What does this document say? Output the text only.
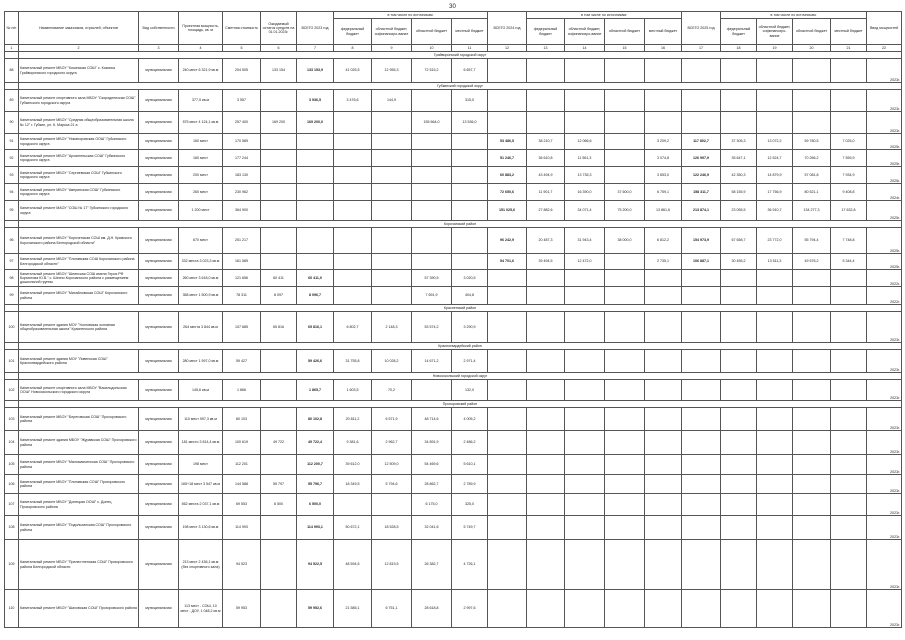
30
№ п/п	Наименование заказчиков, отраслей, объектов	Вид собственности	Проектная мощность, площадь, кв. м	Сметная стоимость	Ожидаемый остаток средств на 01.01.2023г.	ВСЕГО 2023 год	в том числе по источникам:				ВСЕГО 2024 год	в том числе по источникам:				ВСЕГО 2025 год	в том числе по источникам:				Ввод мощностей
							федеральный бюджет	областной бюджет, софинансиро-вание	областной бюджет	местный бюджет		федеральный бюджет	областной бюджет, софинансиро-вание	областной бюджет	местный бюджет		федеральный бюджет	областной бюджет, софинансиро-вание	областной бюджет	местный бюджет	
1	2	3	4	5	6	7	8	9	10	11	12	13	14	15	16	17	18	19	20	21	22
	Грайворонский городской округ																				
88	Капитальный ремонт МБОУ "Козинская СОШ" с. Козинка Грайворонского городского округа	муниципальная	240 мест 6 321,9 кв.м	204 505	133 154	133 153,9	41 025,5	12 955,3	72 515,2	6 657,7											2023г.
	Губкинский городской округ																				
89	Капитальный ремонт спортивного зала МБОУ "Скородненская СОШ" Губкинского городского округа	муниципальная	377,5 кв.м	3 557		3 936,5	3 476,6	144,9		315,0											2023г.
90	Капитальный ремонт МБОУ "Средняя общеобразовательная школа № 12" г. Губкин, ул. К. Маркса 21 а	муниципальная	575 мест 4 124,1 кв.м	257 400	169 200	169 200,0			155 664,0	13 536,0											2023г.
91	Капитальный ремонт МБОУ "Никаноровская ООШ" Губкинского городского округа	муниципальная	160 мест	170 589							53 486,5	38 210,7	12 066,6		3 209,2	117 802,7	37 305,3	13 072,2	59 780,5	7 025,0	2025г.
92	Капитальный ремонт МБОУ "Архангельская СОШ" Губкинского городского округа	муниципальная	160 мест	177 244							51 246,7	36 610,8	11 561,3		3 074,8	126 997,9	35 647,1	12 524,7	70 266,2	7 559,9	2025г.
93	Капитальный ремонт МБОУ "Сергиевская СОШ" Губкинского городского округа	муниципальная	200 мест	183 130							60 883,2	43 494,9	13 735,3		3 653,0	122 246,9	42 350,3	14 879,9	57 081,8	7 934,9	2025г.
94	Капитальный ремонт МБОУ "Аверинская СОШ" Губкинского городского округа	муниципальная	260 мест	230 962							72 650,6	11 901,7	16 390,0	37 600,0	6 759,1	158 311,7	58 155,9	17 756,9	80 521,1	9 408,8	2024г.
95	Капитальный ремонт МАОУ "СОШ № 17" Губкинского городского округа	муниципальная	1 200 мест	364 900							151 025,6	27 882,6	34 071,4	75 200,0	13 861,6	213 874,1	23 055,5	36 910,7	134 277,3	17 632,8	2025г.
	Корочанский район																				
96	Капитальный ремонт МБОУ "Короченская СОШ им. Д.Н. Кривского Корочанского района Белгородской области"	муниципальная	670 мест	251 217							96 242,9	20 487,3	31 943,4	38 000,0	6 812,2	154 973,9	67 658,7	23 772,0	55 794,4	7 748,8	2025г.
97	Капитальный ремонт МБОУ "Плотавская СОШ Корочанского района Белгородской области"	муниципальная	332 места 3 023,3 кв.м	161 589							54 701,6	39 494,5	12 472,0		2 735,1	106 887,1	30 455,2	13 511,3	49 576,2	5 344,4	2025г.
98	Капитальный ремонт МБОУ "Шеинская СОШ имени Героя РФ Бормотова Ю.В." с. Шеино Корочанского района с размещением дошкольной группы	муниципальная	260 мест 3 618,0 кв.м	121 656	60 411	60 411,0			57 390,5	3 020,5											2022г.
99	Капитальный ремонт МБОУ "Михайловская СОШ" Корочанского района	муниципальная	358 мест 1 500,9 кв.м	78 311	8 097	8 096,7			7 691,9	404,8											2022г.
	Красненский район																				
100	Капитальный ремонт здания МОУ "Уколовская основная общеобразовательная школа" Красненского района	муниципальная	264 места 3 844 кв.м	107 685	65 816	65 816,1	6 802,7	2 148,3	53 574,2	3 290,9											2023г.
	Красногвардейский район																				
101	Капитальный ремонт здания МОУ "Ливенская СОШ" Красногвардейского района	муниципальная	280 мест 1 597,0 кв.м	59 427		59 426,6	31 755,8	10 028,2	14 671,2	2 971,4											2023г.
	Новооскольский городской округ																				
102	Капитальный ремонт спортивного зала МБОУ "Васильдольская ООШ" Новооскольского городского округа	муниципальная	145,6 кв.м	1 866		1 865,7	1 603,5	70,2		132,0											2023г.
	Прохоровский район																				
103	Капитальный ремонт МБОУ "Береговская СОШ" Прохоровского района	муниципальная	110 мест 997,3 кв.м	80 103		80 102,8	20 811,2	6 571,9	48 714,6	4 005,2											2023г.
104	Капитальный ремонт здания МБОУ "Журавская СОШ" Прохоровского района	муниципальная	181 место 3 814,4 кв.м	100 619	49 722	49 722,4	9 381,6	2 962,7	34 891,9	2 486,2											2023г.
105	Капитальный ремонт МБОУ "Маломаяченская СОШ" Прохоровского района	муниципальная	198 мест	112 201		112 200,7	39 612,0	12 509,0	54 469,6	5 610,1											2023г.
106	Капитальный ремонт МБОУ "Плотавская СОШ" Прохоровского района	муниципальная	165+18 мест 3 547 кв.м	144 588	55 797	55 796,7	18 349,5	5 794,6	28 862,7	2 789,9											2023г.
107	Капитальный ремонт МБОУ "Донецкая ООШ" с. Донец Прохоровского района	муниципальная	562 места 2 037,1 кв.м	69 553	6 500	6 500,0			6 175,0	325,0											2023г.
108	Капитальный ремонт МБОУ "Подольхинская СОШ" Прохоровского района	муниципальная	198 мест 3 130,6 кв.м	114 993		114 993,1	50 672,1	18 528,5	32 041,6	5 749,7											2023г.
109	Капитальный ремонт МБОУ "Прелестненская СОШ" Прохоровского района Белгородской области	муниципальная	213 мест 2 436,1 кв.м (без спортивного зала)	94 523		94 522,5	48 594,5	12 819,5	26 382,7	4 726,1											2023г.
110	Капитальный ремонт МБОУ "Шаховская СОШ" Прохоровского района	муниципальная	113 мест - СОШ, 10 мест - ДОУ, 1 048,2 кв.м	59 953		59 952,6	21 585,1	6 751,1	28 618,8	2 997,6											2023г.
